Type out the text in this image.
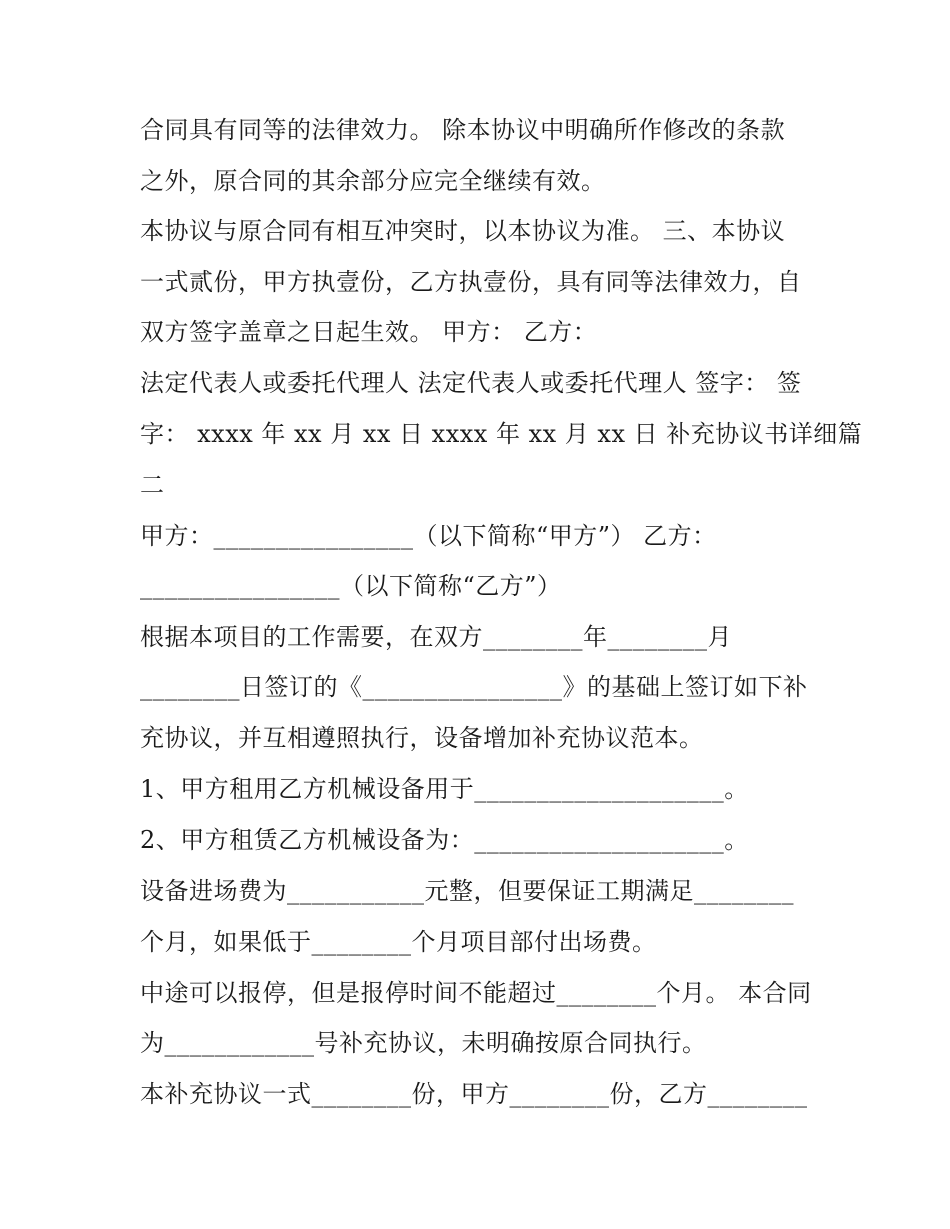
合同具有同等的法律效力。 除本协议中明确所作修改的条款
之外，原合同的其余部分应完全继续有效。
本协议与原合同有相互冲突时，以本协议为准。 三、本协议
一式贰份，甲方执壹份，乙方执壹份，具有同等法律效力，自
双方签字盖章之日起生效。 甲方： 乙方：
法定代表人或委托代理人 法定代表人或委托代理人 签字： 签
字： xxxx 年 xx 月 xx 日 xxxx 年 xx 月 xx 日 补充协议书详细篇
二
甲方：________________（以下简称“甲方”） 乙方：
________________（以下简称“乙方”）
根据本项目的工作需要，在双方________年________月
________日签订的《________________》的基础上签订如下补
充协议，并互相遵照执行，设备增加补充协议范本。
1、甲方租用乙方机械设备用于____________________。
2、甲方租赁乙方机械设备为：____________________。
设备进场费为___________元整，但要保证工期满足________
个月，如果低于________个月项目部付出场费。
中途可以报停，但是报停时间不能超过________个月。 本合同
为____________号补充协议，未明确按原合同执行。
本补充协议一式________份，甲方________份，乙方________
